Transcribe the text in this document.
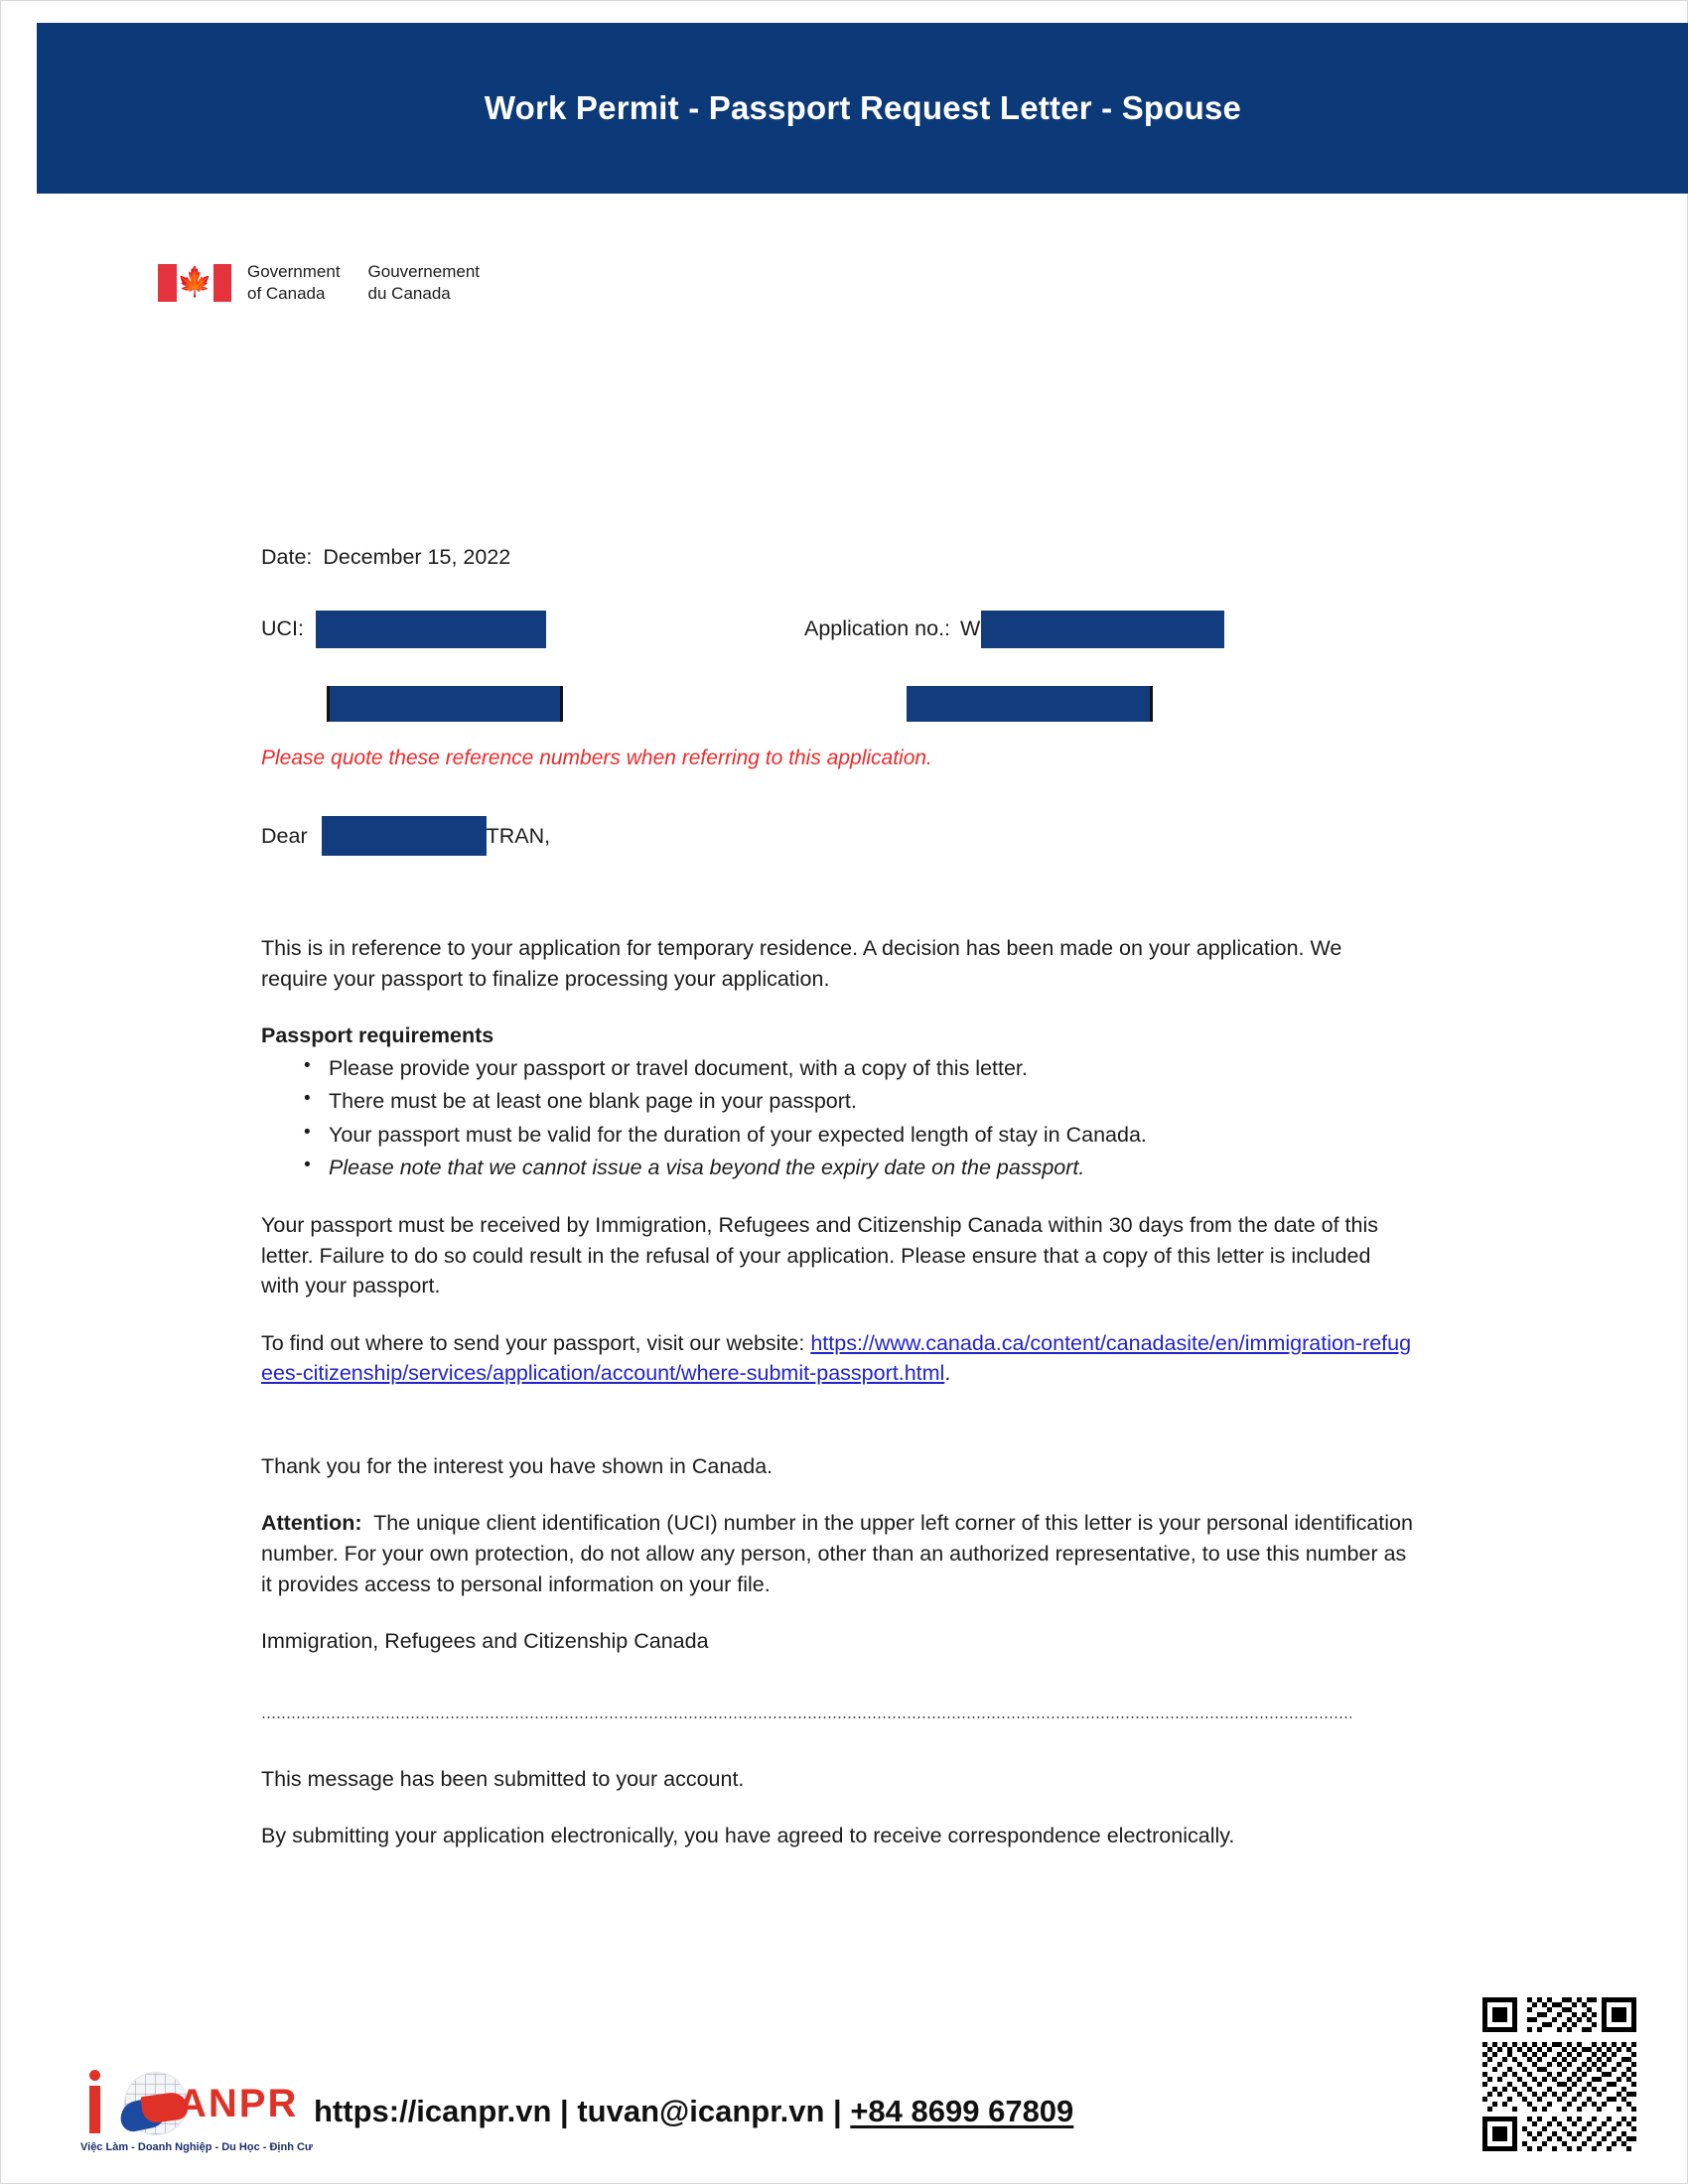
Work Permit - Passport Request Letter - Spouse
🍁 Government
of Canada
Gouvernement
du Canada
Date: December 15, 2022
UCI:	Application no.: W
Please quote these reference numbers when referring to this application.
Dear	TRAN,

This is in reference to your application for temporary residence. A decision has been made on your application. We require your passport to finalize processing your application.

Passport requirements

• Please provide your passport or travel document, with a copy of this letter.
• There must be at least one blank page in your passport.
• Your passport must be valid for the duration of your expected length of stay in Canada.
• Please note that we cannot issue a visa beyond the expiry date on the passport.

Your passport must be received by Immigration, Refugees and Citizenship Canada within 30 days from the date of this letter. Failure to do so could result in the refusal of your application. Please ensure that a copy of this letter is included with your passport.

To find out where to send your passport, visit our website: https://www.canada.ca/content/canadasite/en/immigration-refugees-citizenship/services/application/account/where-submit-passport.html.

Thank you for the interest you have shown in Canada.

Attention: The unique client identification (UCI) number in the upper left corner of this letter is your personal identification number. For your own protection, do not allow any person, other than an authorized representative, to use this number as it provides access to personal information on your file.

Immigration, Refugees and Citizenship Canada

This message has been submitted to your account.

By submitting your application electronically, you have agreed to receive correspondence electronically.

ANPR
Việc Làm - Doanh Nghiệp - Du Học - Định Cư
https://icanpr.vn | tuvan@icanpr.vn | +84 8699 67809
